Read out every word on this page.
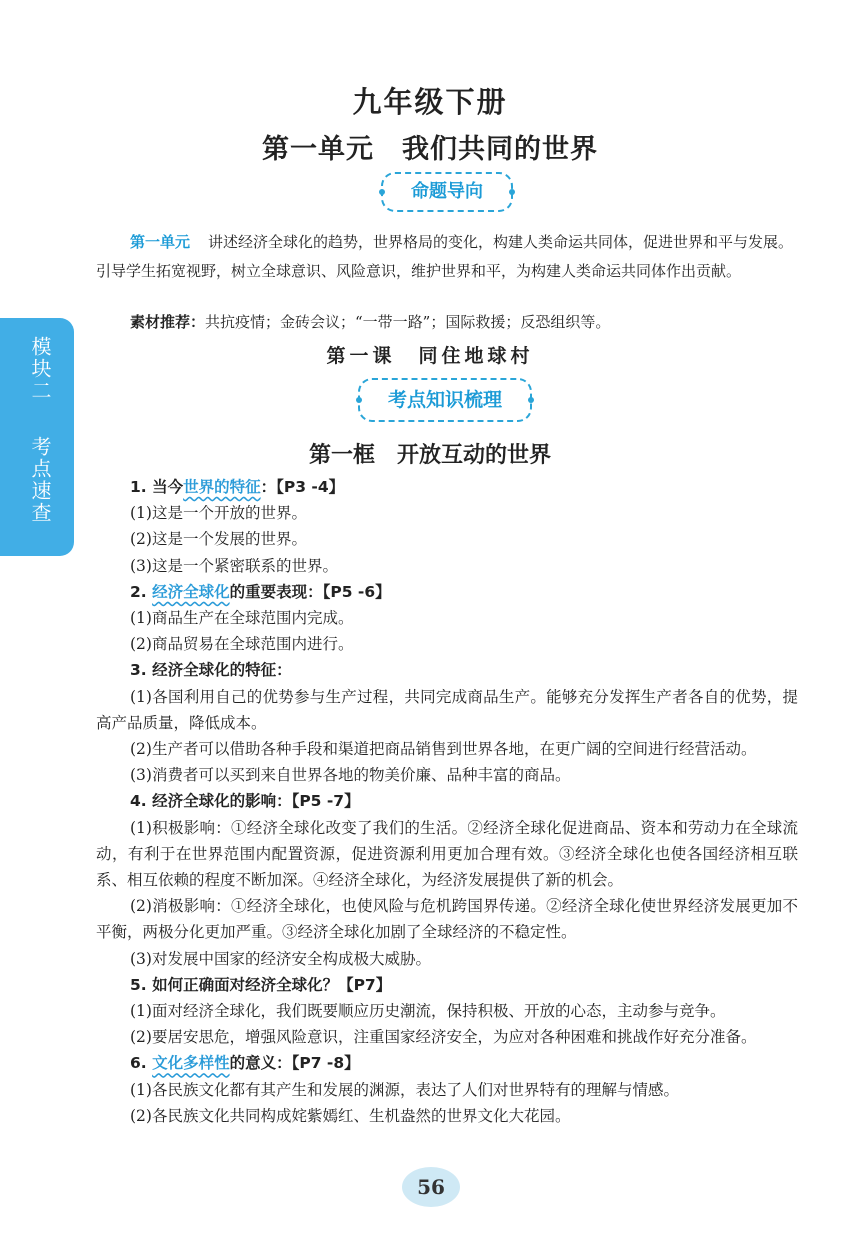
九年级下册
第一单元　我们共同的世界
命题导向
第一单元 讲述经济全球化的趋势，世界格局的变化，构建人类命运共同体，促进世界和平与发展。引导学生拓宽视野，树立全球意识、风险意识，维护世界和平，为构建人类命运共同体作出贡献。
素材推荐：共抗疫情；金砖会议；“一带一路”；国际救援；反恐组织等。
第一课　同住地球村
考点知识梳理
第一框　开放互动的世界
模块二
考点速查	1. 当今世界的特征：【P3 -4】

(1)这是一个开放的世界。

(2)这是一个发展的世界。

(3)这是一个紧密联系的世界。

2. 经济全球化的重要表现：【P5 -6】

(1)商品生产在全球范围内完成。

(2)商品贸易在全球范围内进行。

3. 经济全球化的特征：

(1)各国利用自己的优势参与生产过程，共同完成商品生产。能够充分发挥生产者各自的优势，提高产品质量，降低成本。

(2)生产者可以借助各种手段和渠道把商品销售到世界各地，在更广阔的空间进行经营活动。

(3)消费者可以买到来自世界各地的物美价廉、品种丰富的商品。

4. 经济全球化的影响：【P5 -7】

(1)积极影响：①经济全球化改变了我们的生活。②经济全球化促进商品、资本和劳动力在全球流动，有利于在世界范围内配置资源，促进资源利用更加合理有效。③经济全球化也使各国经济相互联系、相互依赖的程度不断加深。④经济全球化，为经济发展提供了新的机会。

(2)消极影响：①经济全球化，也使风险与危机跨国界传递。②经济全球化使世界经济发展更加不平衡，两极分化更加严重。③经济全球化加剧了全球经济的不稳定性。

(3)对发展中国家的经济安全构成极大威胁。

5. 如何正确面对经济全球化？【P7】

(1)面对经济全球化，我们既要顺应历史潮流，保持积极、开放的心态，主动参与竞争。

(2)要居安思危，增强风险意识，注重国家经济安全，为应对各种困难和挑战作好充分准备。

6. 文化多样性的意义：【P7 -8】

(1)各民族文化都有其产生和发展的渊源，表达了人们对世界特有的理解与情感。

(2)各民族文化共同构成姹紫嫣红、生机盎然的世界文化大花园。

56
